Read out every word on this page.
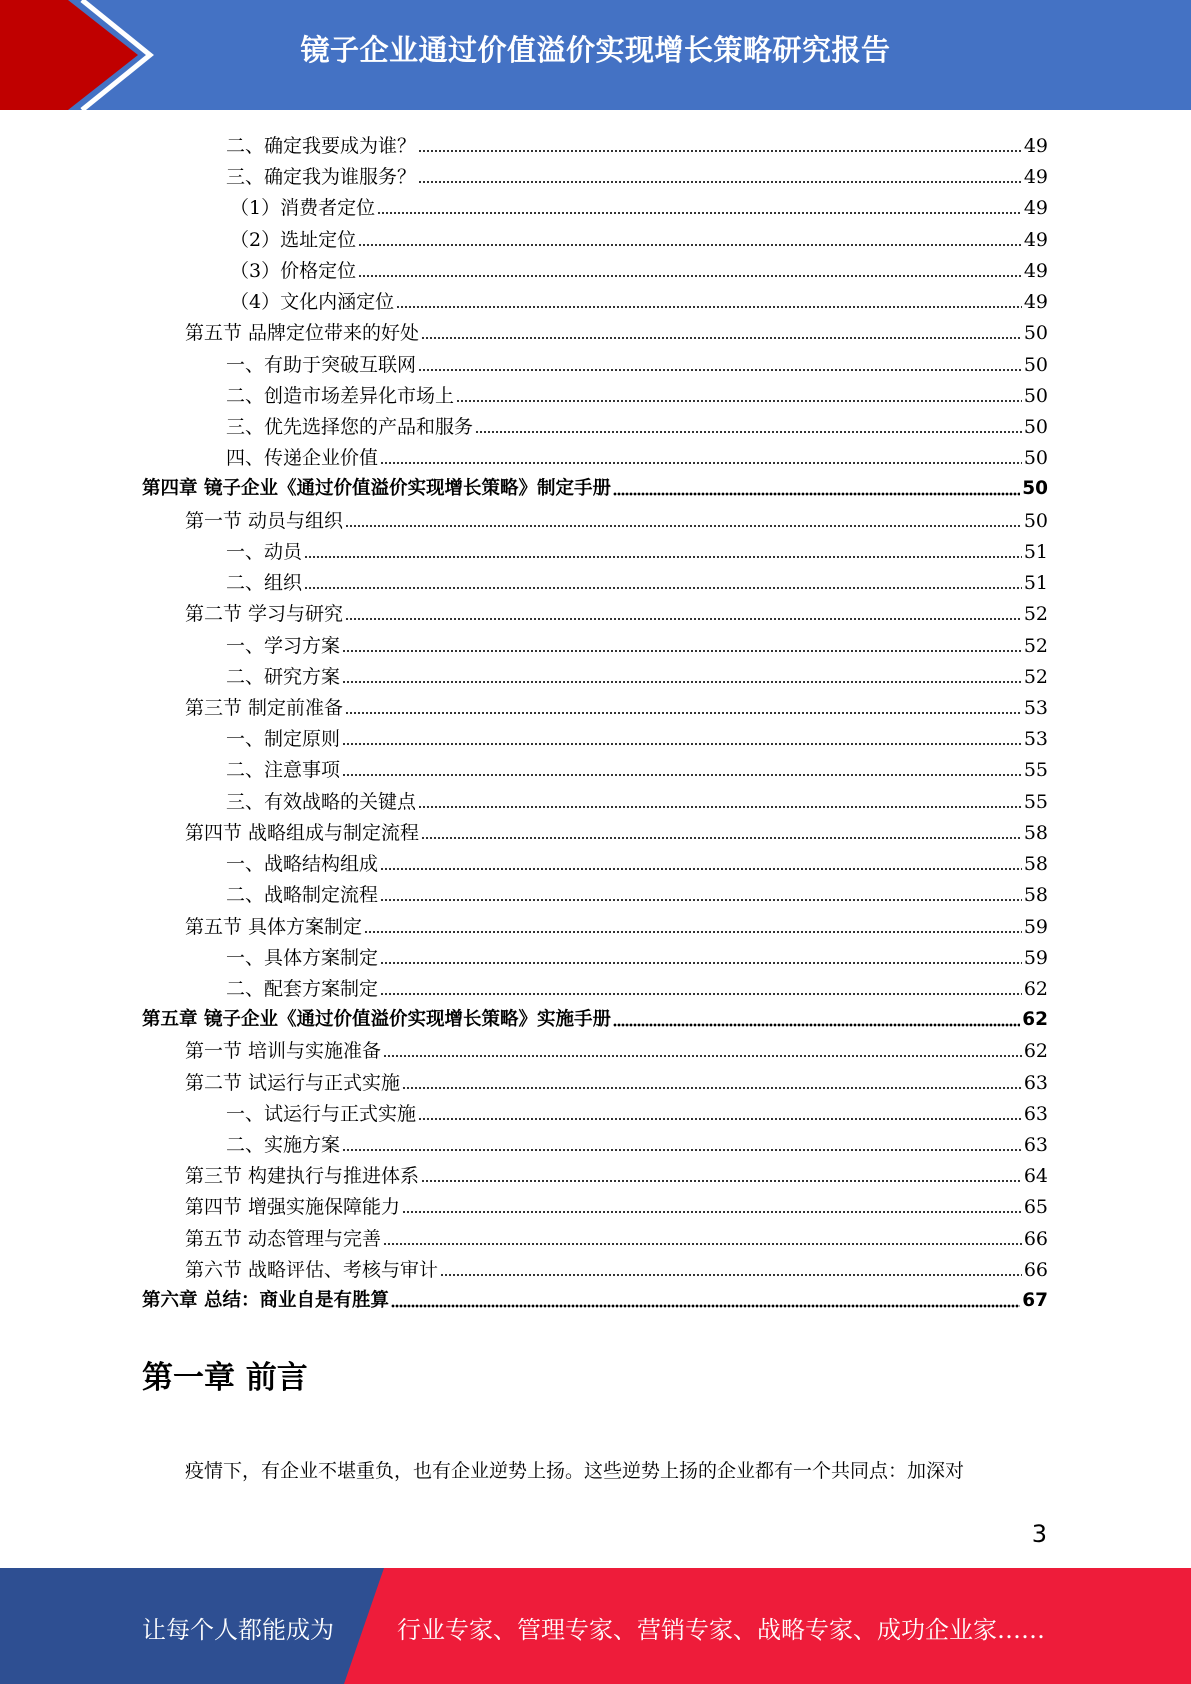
镜子企业通过价值溢价实现增长策略研究报告
二、确定我要成为谁？	49
三、确定我为谁服务？	49
（1）消费者定位	49
（2）选址定位	49
（3）价格定位	49
（4）文化内涵定位	49
第五节 品牌定位带来的好处	50
一、有助于突破互联网	50
二、创造市场差异化市场上	50
三、优先选择您的产品和服务	50
四、传递企业价值	50
第四章 镜子企业《通过价值溢价实现增长策略》制定手册	50
第一节 动员与组织	50
一、动员	51
二、组织	51
第二节 学习与研究	52
一、学习方案	52
二、研究方案	52
第三节 制定前准备	53
一、制定原则	53
二、注意事项	55
三、有效战略的关键点	55
第四节 战略组成与制定流程	58
一、战略结构组成	58
二、战略制定流程	58
第五节 具体方案制定	59
一、具体方案制定	59
二、配套方案制定	62
第五章 镜子企业《通过价值溢价实现增长策略》实施手册	62
第一节 培训与实施准备	62
第二节 试运行与正式实施	63
一、试运行与正式实施	63
二、实施方案	63
第三节 构建执行与推进体系	64
第四节 增强实施保障能力	65
第五节 动态管理与完善	66
第六节 战略评估、考核与审计	66
第六章 总结：商业自是有胜算	67
第一章 前言
疫情下，有企业不堪重负，也有企业逆势上扬。这些逆势上扬的企业都有一个共同点：加深对
3
让每个人都能成为	行业专家、管理专家、营销专家、战略专家、成功企业家……
